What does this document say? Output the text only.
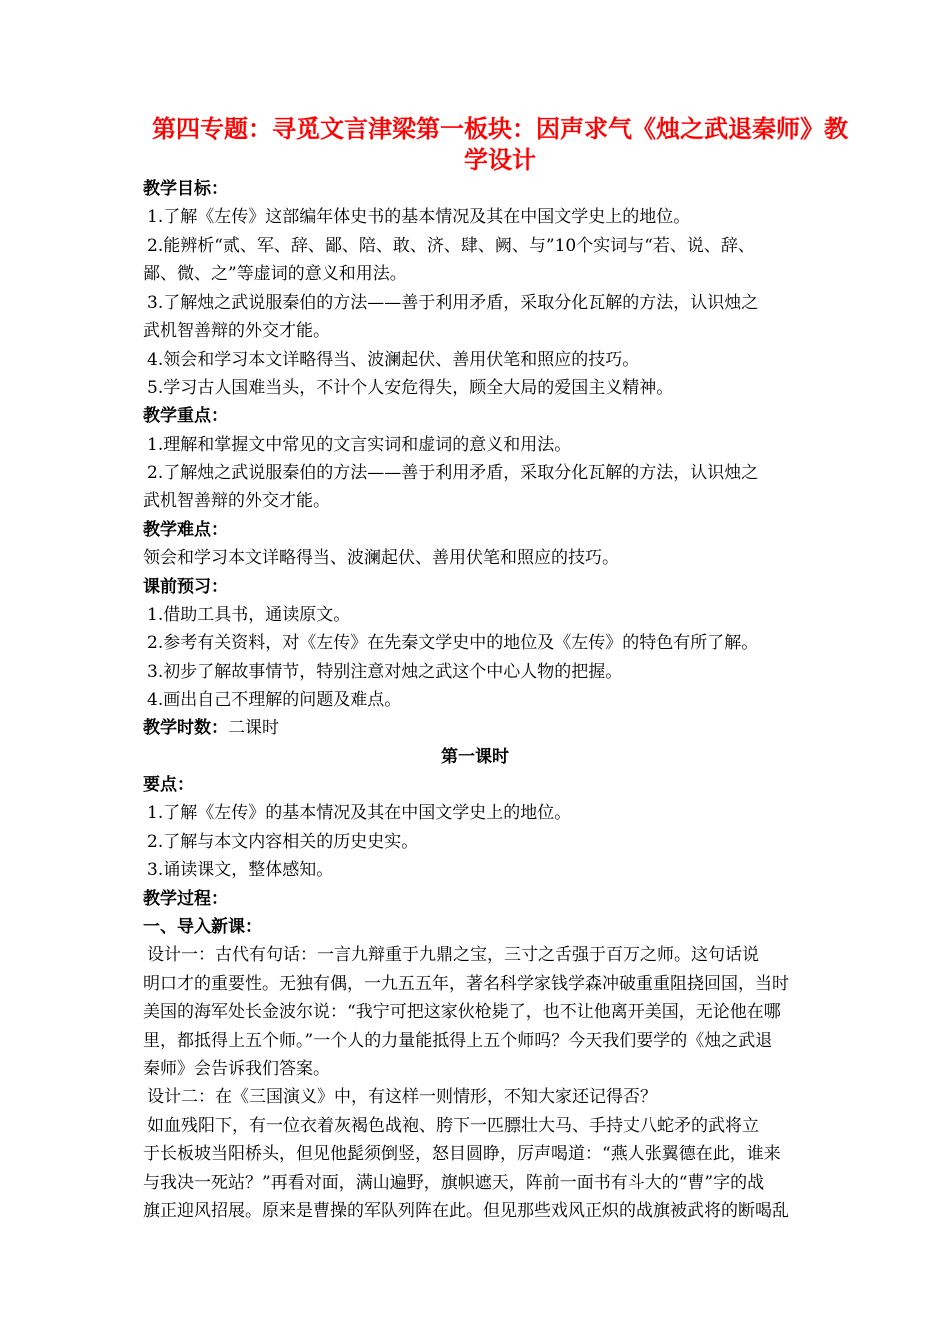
第四专题：寻觅文言津梁第一板块：因声求气《烛之武退秦师》教学设计
教学目标：
1.了解《左传》这部编年体史书的基本情况及其在中国文学史上的地位。
2.能辨析“贰、军、辞、鄙、陪、敢、济、肆、阙、与”10个实词与“若、说、辞、
鄙、微、之”等虚词的意义和用法。
3.了解烛之武说服秦伯的方法——善于利用矛盾，采取分化瓦解的方法，认识烛之
武机智善辩的外交才能。
4.领会和学习本文详略得当、波澜起伏、善用伏笔和照应的技巧。
5.学习古人国难当头，不计个人安危得失，顾全大局的爱国主义精神。
教学重点：
1.理解和掌握文中常见的文言实词和虚词的意义和用法。
2.了解烛之武说服秦伯的方法——善于利用矛盾，采取分化瓦解的方法，认识烛之
武机智善辩的外交才能。
教学难点：
领会和学习本文详略得当、波澜起伏、善用伏笔和照应的技巧。
课前预习：
1.借助工具书，通读原文。
2.参考有关资料，对《左传》在先秦文学史中的地位及《左传》的特色有所了解。
3.初步了解故事情节，特别注意对烛之武这个中心人物的把握。
4.画出自己不理解的问题及难点。
教学时数：二课时
第一课时
要点：
1.了解《左传》的基本情况及其在中国文学史上的地位。
2.了解与本文内容相关的历史史实。
3.诵读课文，整体感知。
教学过程：
一、导入新课：
设计一：古代有句话：一言九辩重于九鼎之宝，三寸之舌强于百万之师。这句话说
明口才的重要性。无独有偶，一九五五年，著名科学家钱学森冲破重重阻挠回国，当时
美国的海军处长金波尔说：“我宁可把这家伙枪毙了，也不让他离开美国，无论他在哪
里，都抵得上五个师。”一个人的力量能抵得上五个师吗？今天我们要学的《烛之武退
秦师》会告诉我们答案。
设计二：在《三国演义》中，有这样一则情形，不知大家还记得否？
如血残阳下，有一位衣着灰褐色战袍、胯下一匹膘壮大马、手持丈八蛇矛的武将立
于长板坡当阳桥头，但见他髭须倒竖，怒目圆睁，厉声喝道：“燕人张翼德在此，谁来
与我决一死站？”再看对面，满山遍野，旗帜遮天，阵前一面书有斗大的“曹”字的战
旗正迎风招展。原来是曹操的军队列阵在此。但见那些戏风正炽的战旗被武将的断喝乱
